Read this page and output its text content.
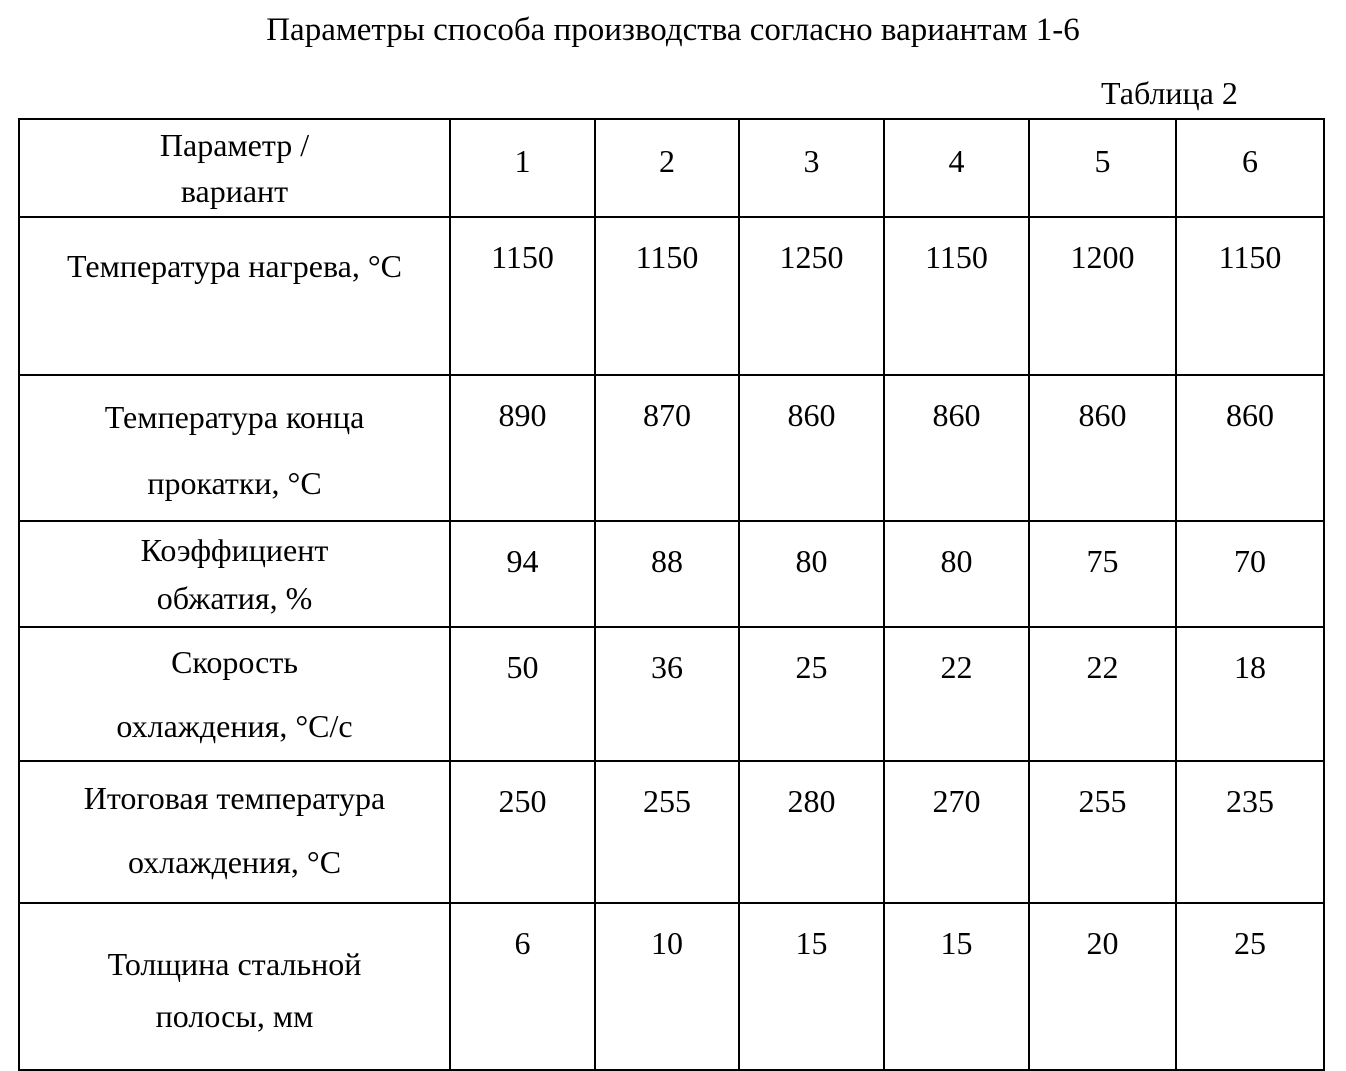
Параметры способа производства согласно вариантам 1-6
Таблица 2
Параметр /
вариант	1	2	3	4	5	6

Температура нагрева, °С	1150	1150	1250	1150	1200	1150

Температура конца
прокатки, °С	890	870	860	860	860	860

Коэффициент
обжатия, %	94	88	80	80	75	70

Скорость
охлаждения, °С/с	50	36	25	22	22	18

Итоговая температура
охлаждения, °С	250	255	280	270	255	235

Толщина стальной
полосы, мм	6	10	15	15	20	25
